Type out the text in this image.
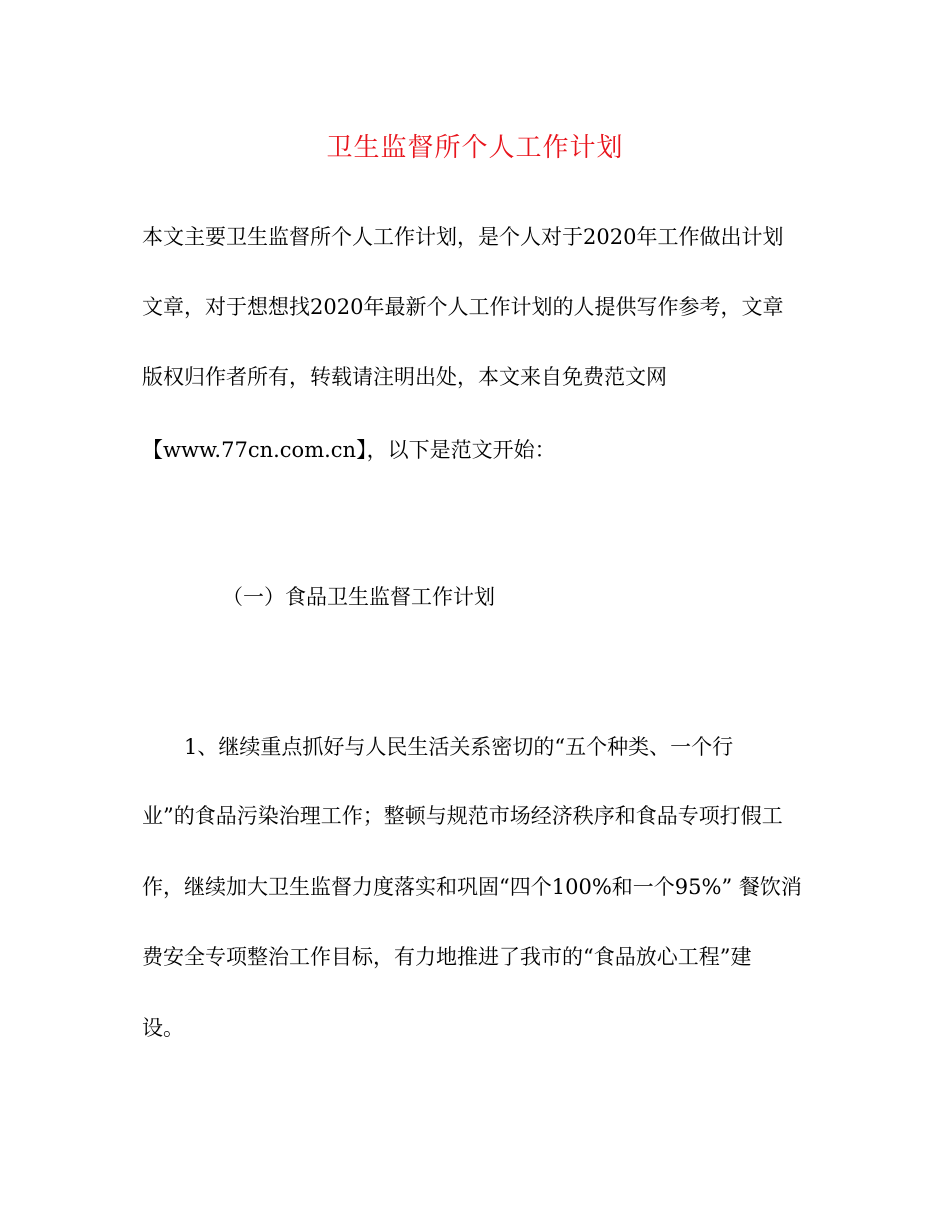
卫生监督所个人工作计划
本文主要卫生监督所个人工作计划，是个人对于2020年工作做出计划
文章，对于想想找2020年最新个人工作计划的人提供写作参考，文章
版权归作者所有，转载请注明出处，本文来自免费范文网
【www.77cn.com.cn】，以下是范文开始：
（一）食品卫生监督工作计划
　　1、继续重点抓好与人民生活关系密切的“五个种类、一个行
业”的食品污染治理工作；整顿与规范市场经济秩序和食品专项打假工
作，继续加大卫生监督力度落实和巩固“四个100%和一个95%” 餐饮消
费安全专项整治工作目标，有力地推进了我市的“食品放心工程”建
设。
